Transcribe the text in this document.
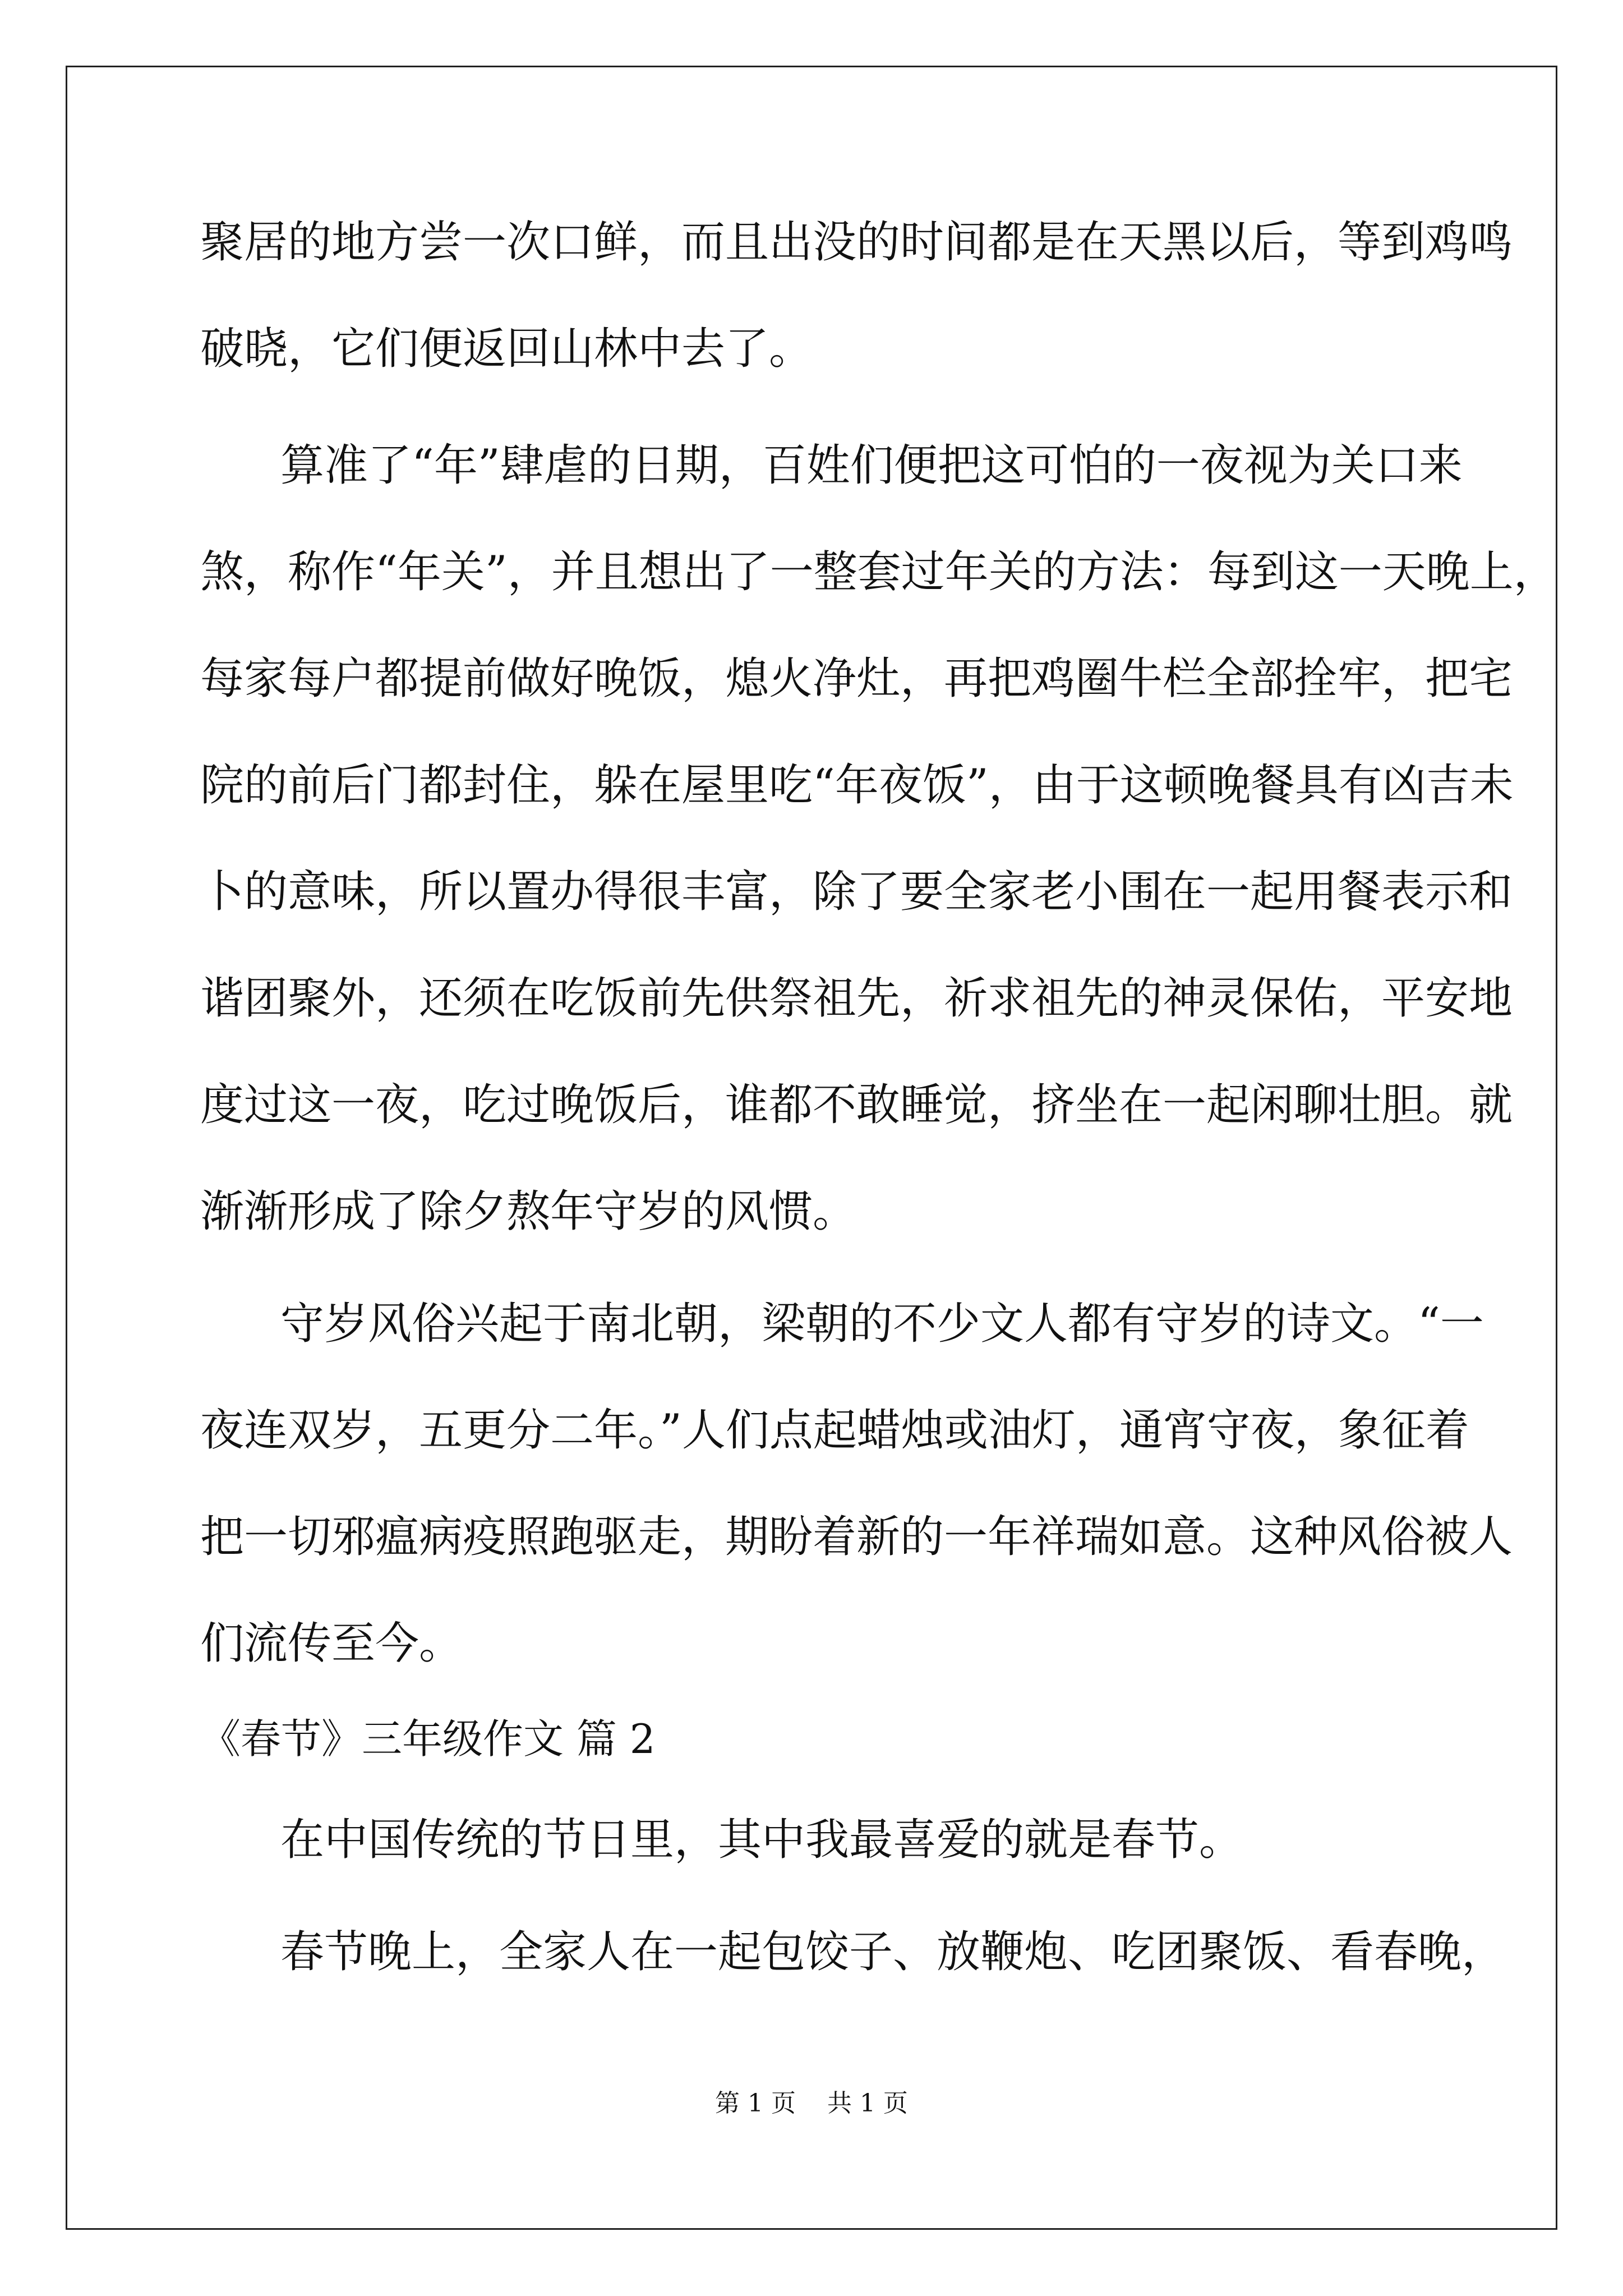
聚居的地方尝一次口鲜，而且出没的时间都是在天黑以后，等到鸡鸣
破晓，它们便返回山林中去了。
算准了“年”肆虐的日期，百姓们便把这可怕的一夜视为关口来
煞，称作“年关”，并且想出了一整套过年关的方法：每到这一天晚上，
每家每户都提前做好晚饭，熄火净灶，再把鸡圈牛栏全部拴牢，把宅
院的前后门都封住，躲在屋里吃“年夜饭”，由于这顿晚餐具有凶吉未
卜的意味，所以置办得很丰富，除了要全家老小围在一起用餐表示和
谐团聚外，还须在吃饭前先供祭祖先，祈求祖先的神灵保佑，平安地
度过这一夜，吃过晚饭后，谁都不敢睡觉，挤坐在一起闲聊壮胆。就
渐渐形成了除夕熬年守岁的风惯。
守岁风俗兴起于南北朝，梁朝的不少文人都有守岁的诗文。“一
夜连双岁，五更分二年。”人们点起蜡烛或油灯，通宵守夜，象征着
把一切邪瘟病疫照跑驱走，期盼着新的一年祥瑞如意。这种风俗被人
们流传至今。
《春节》三年级作文 篇 2
在中国传统的节日里，其中我最喜爱的就是春节。
春节晚上，全家人在一起包饺子、放鞭炮、吃团聚饭、看春晚，
第 1 页    共 1 页
